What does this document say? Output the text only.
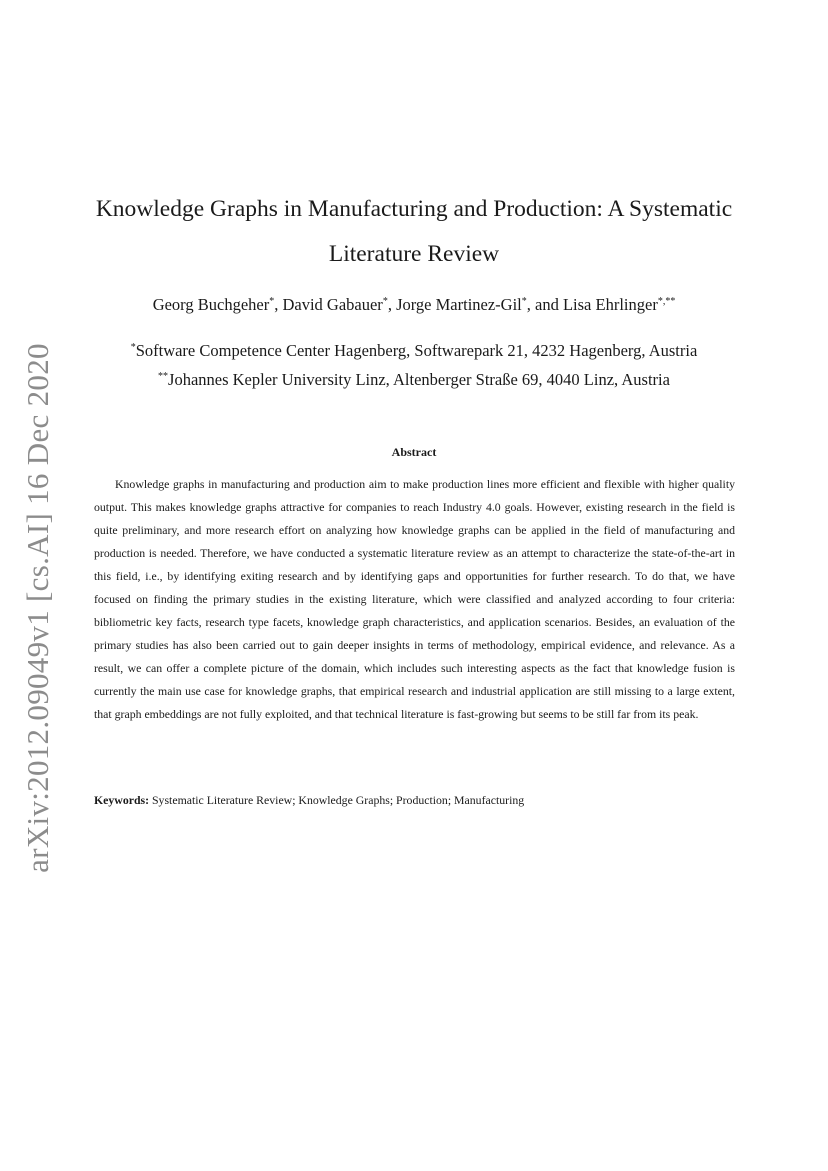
arXiv:2012.09049v1 [cs.AI] 16 Dec 2020
Knowledge Graphs in Manufacturing and Production: A Systematic
Literature Review
Georg Buchgeher*, David Gabauer*, Jorge Martinez-Gil*, and Lisa Ehrlinger*,**
*Software Competence Center Hagenberg, Softwarepark 21, 4232 Hagenberg, Austria
**Johannes Kepler University Linz, Altenberger Straße 69, 4040 Linz, Austria
Abstract

Knowledge graphs in manufacturing and production aim to make production lines more efficient and flexible with higher quality output. This makes knowledge graphs attractive for companies to reach Industry 4.0 goals. However, existing research in the field is quite preliminary, and more research effort on analyzing how knowledge graphs can be applied in the field of manufacturing and production is needed. Therefore, we have conducted a systematic literature review as an attempt to characterize the state-of-the-art in this field, i.e., by identifying exiting research and by identifying gaps and opportunities for further research. To do that, we have focused on finding the primary studies in the existing literature, which were classified and analyzed according to four criteria: bibliometric key facts, research type facets, knowledge graph characteristics, and application scenarios. Besides, an evaluation of the primary studies has also been carried out to gain deeper insights in terms of methodology, empirical evidence, and relevance. As a result, we can offer a complete picture of the domain, which includes such interesting aspects as the fact that knowledge fusion is currently the main use case for knowledge graphs, that empirical research and industrial application are still missing to a large extent, that graph embeddings are not fully exploited, and that technical literature is fast-growing but seems to be still far from its peak.

Keywords: Systematic Literature Review; Knowledge Graphs; Production; Manufacturing
